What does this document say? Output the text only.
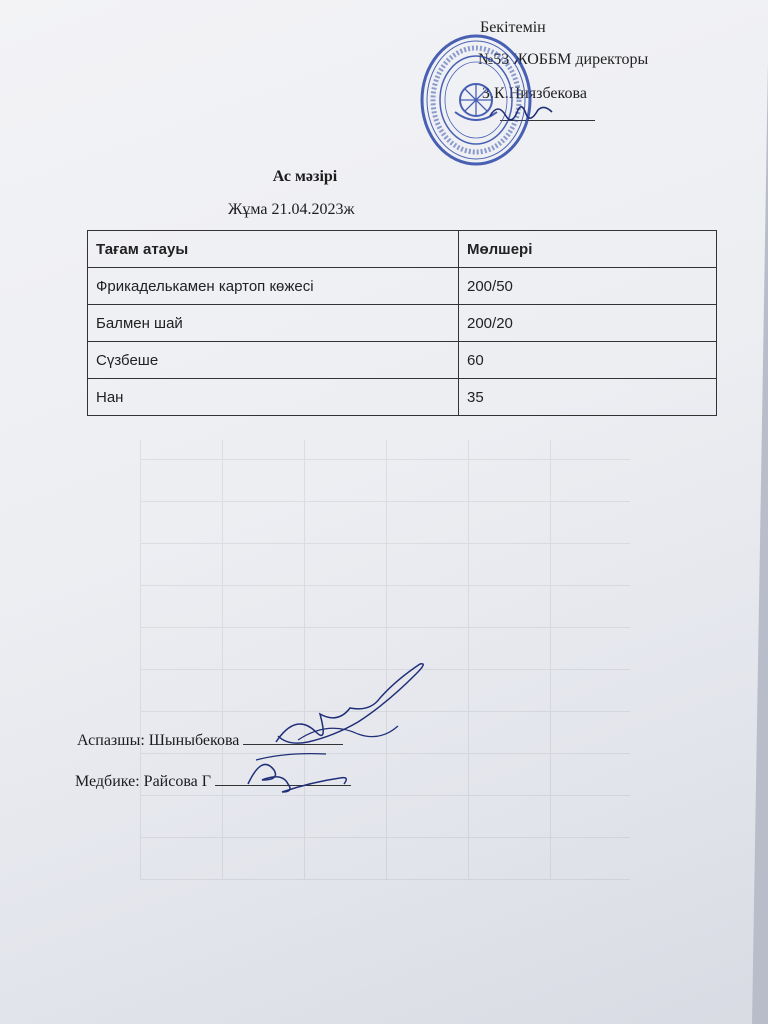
Бекітемін
№53 ЖОББМ директоры
З.К.Ниязбекова
Ас мәзірі
Жұма 21.04.2023ж
Тағам атауы	Мөлшері
Фрикаделькамен картоп көжесі	200/50
Балмен шай	200/20
Сүзбеше	60
Нан	35
Аспазшы: Шыныбекова
Медбике: Райсова Г
